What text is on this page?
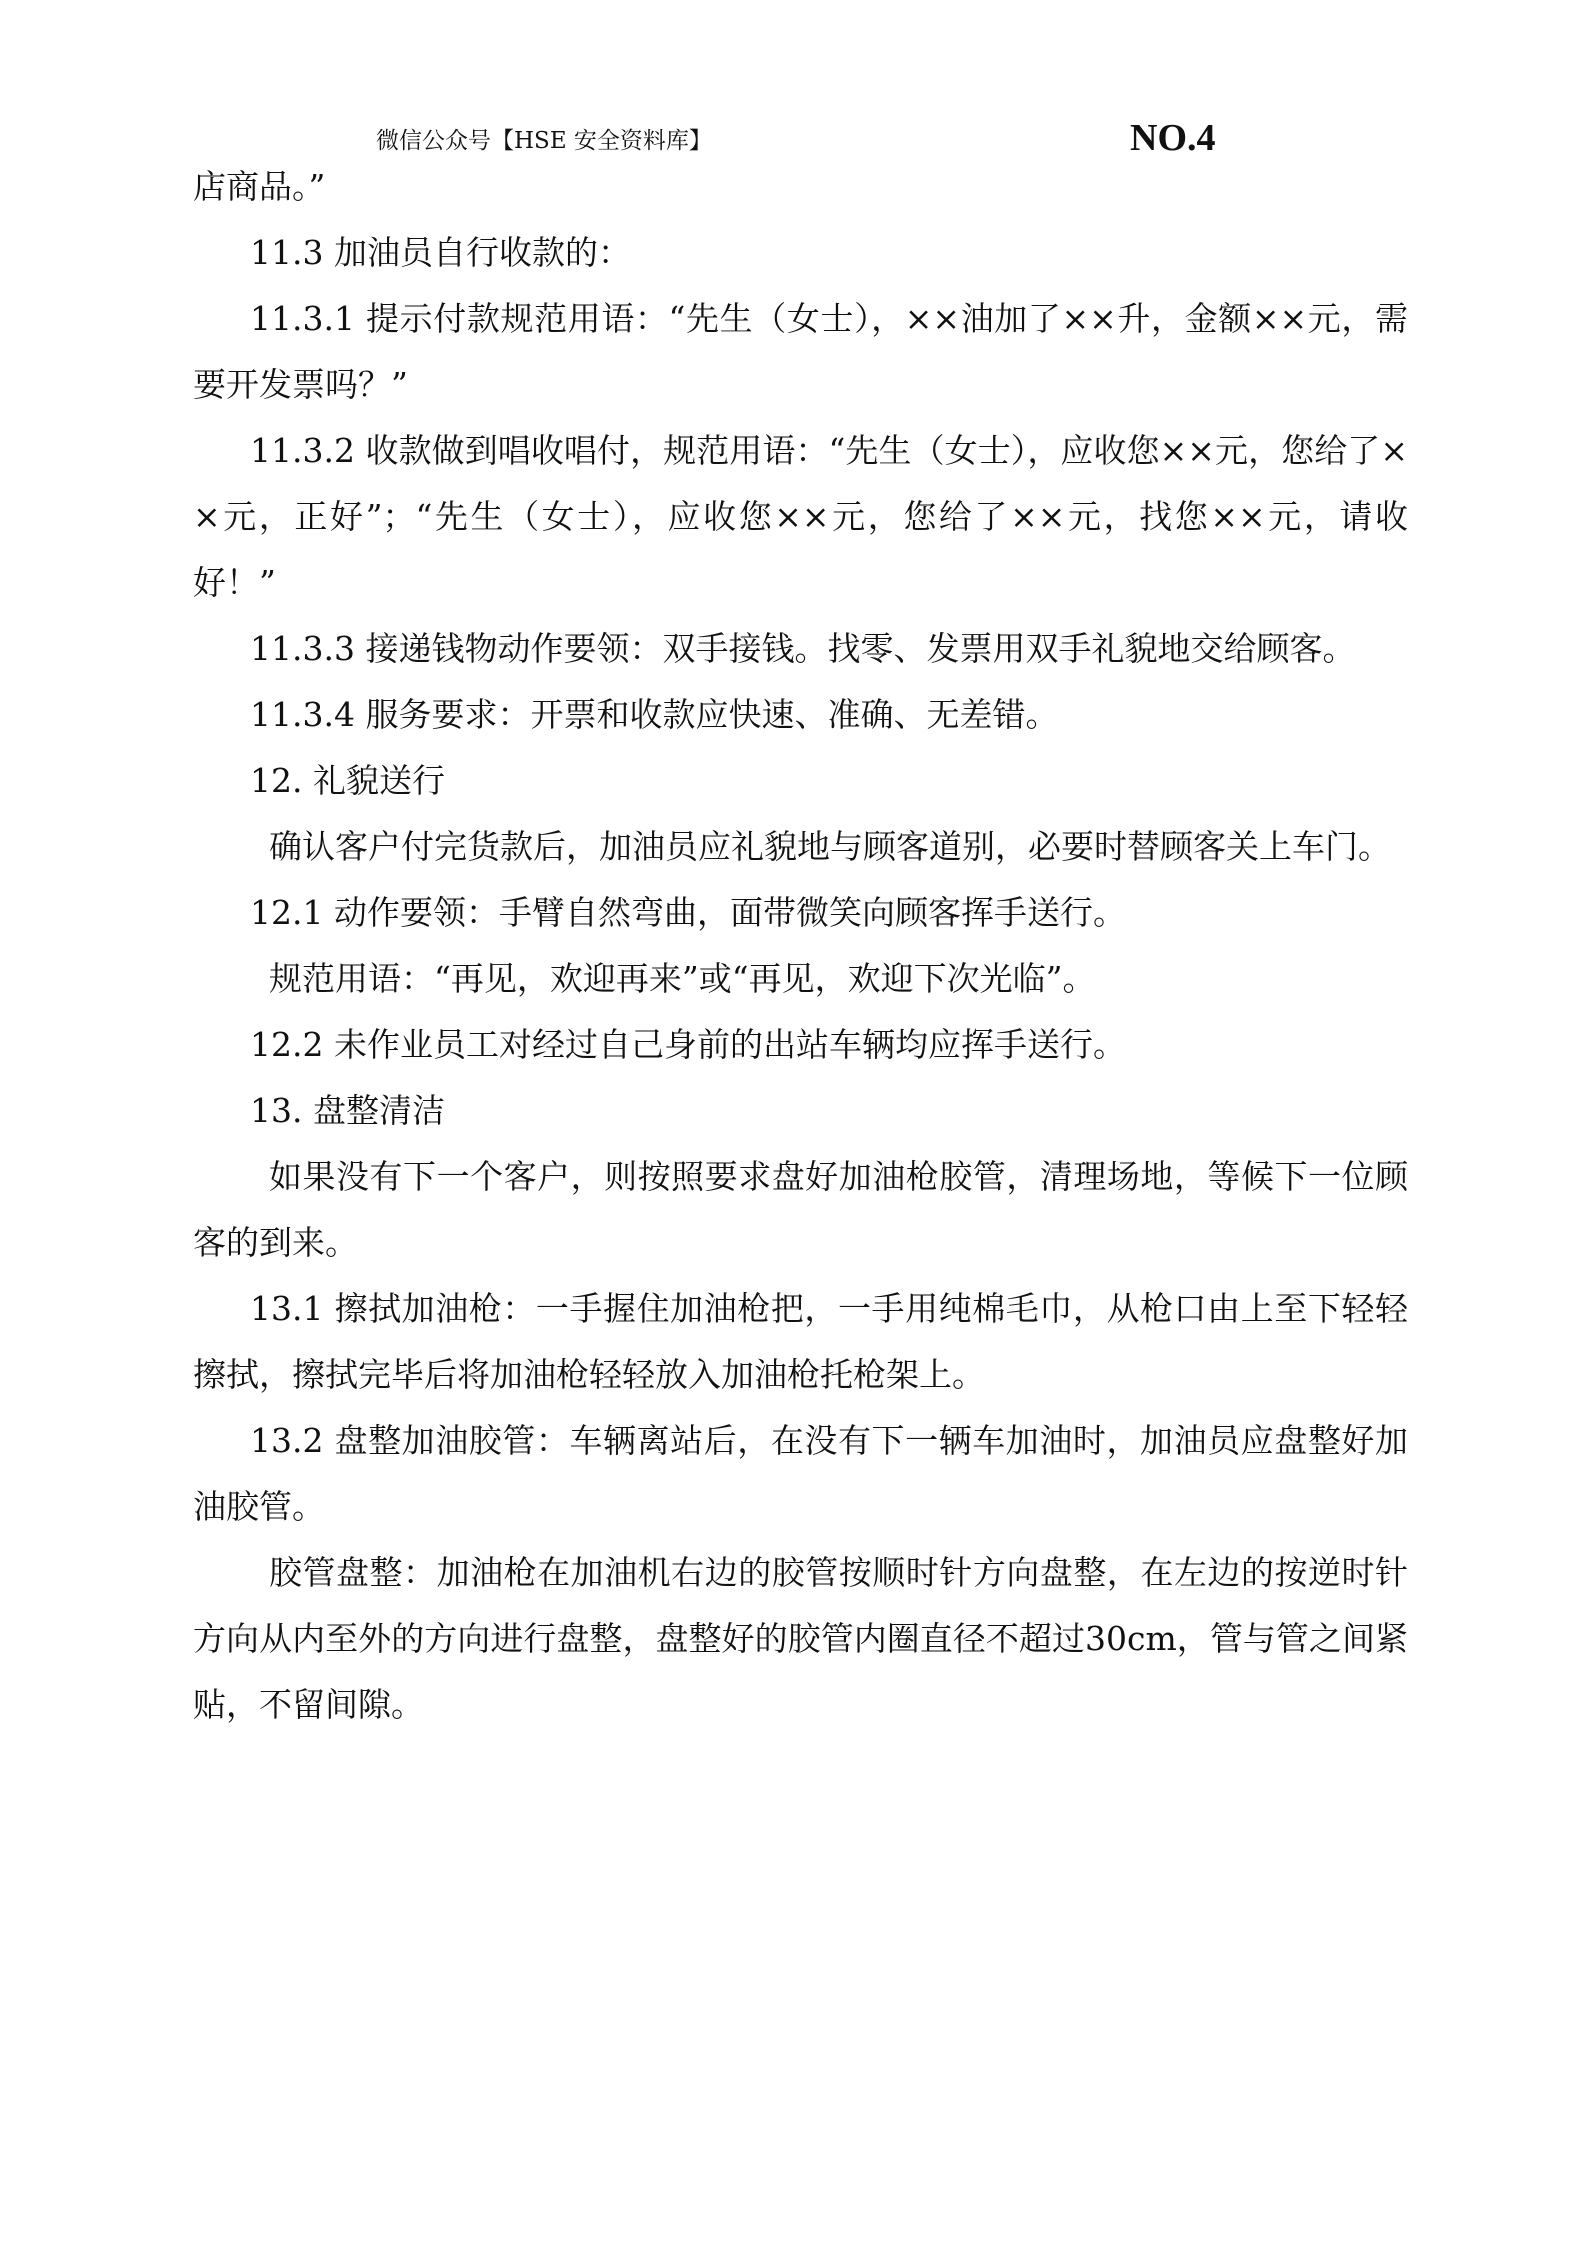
微信公众号【HSE 安全资料库】	NO.4

店商品。”

11.3 加油员自行收款的：

11.3.1 提示付款规范用语：“先生（女士），××油加了××升，金额××元，需要开发票吗？”

11.3.2 收款做到唱收唱付，规范用语：“先生（女士），应收您××元，您给了××元，正好”；“先生（女士），应收您××元，您给了××元，找您××元，请收好！”

11.3.3 接递钱物动作要领：双手接钱。找零、发票用双手礼貌地交给顾客。

11.3.4 服务要求：开票和收款应快速、准确、无差错。

12. 礼貌送行

确认客户付完货款后，加油员应礼貌地与顾客道别，必要时替顾客关上车门。

12.1 动作要领：手臂自然弯曲，面带微笑向顾客挥手送行。

规范用语：“再见，欢迎再来”或“再见，欢迎下次光临”。

12.2 未作业员工对经过自己身前的出站车辆均应挥手送行。

13. 盘整清洁

如果没有下一个客户，则按照要求盘好加油枪胶管，清理场地，等候下一位顾客的到来。

13.1 擦拭加油枪：一手握住加油枪把，一手用纯棉毛巾，从枪口由上至下轻轻擦拭，擦拭完毕后将加油枪轻轻放入加油枪托枪架上。

13.2 盘整加油胶管：车辆离站后，在没有下一辆车加油时，加油员应盘整好加油胶管。

胶管盘整：加油枪在加油机右边的胶管按顺时针方向盘整，在左边的按逆时针方向从内至外的方向进行盘整，盘整好的胶管内圈直径不超过30cm，管与管之间紧贴，不留间隙。
